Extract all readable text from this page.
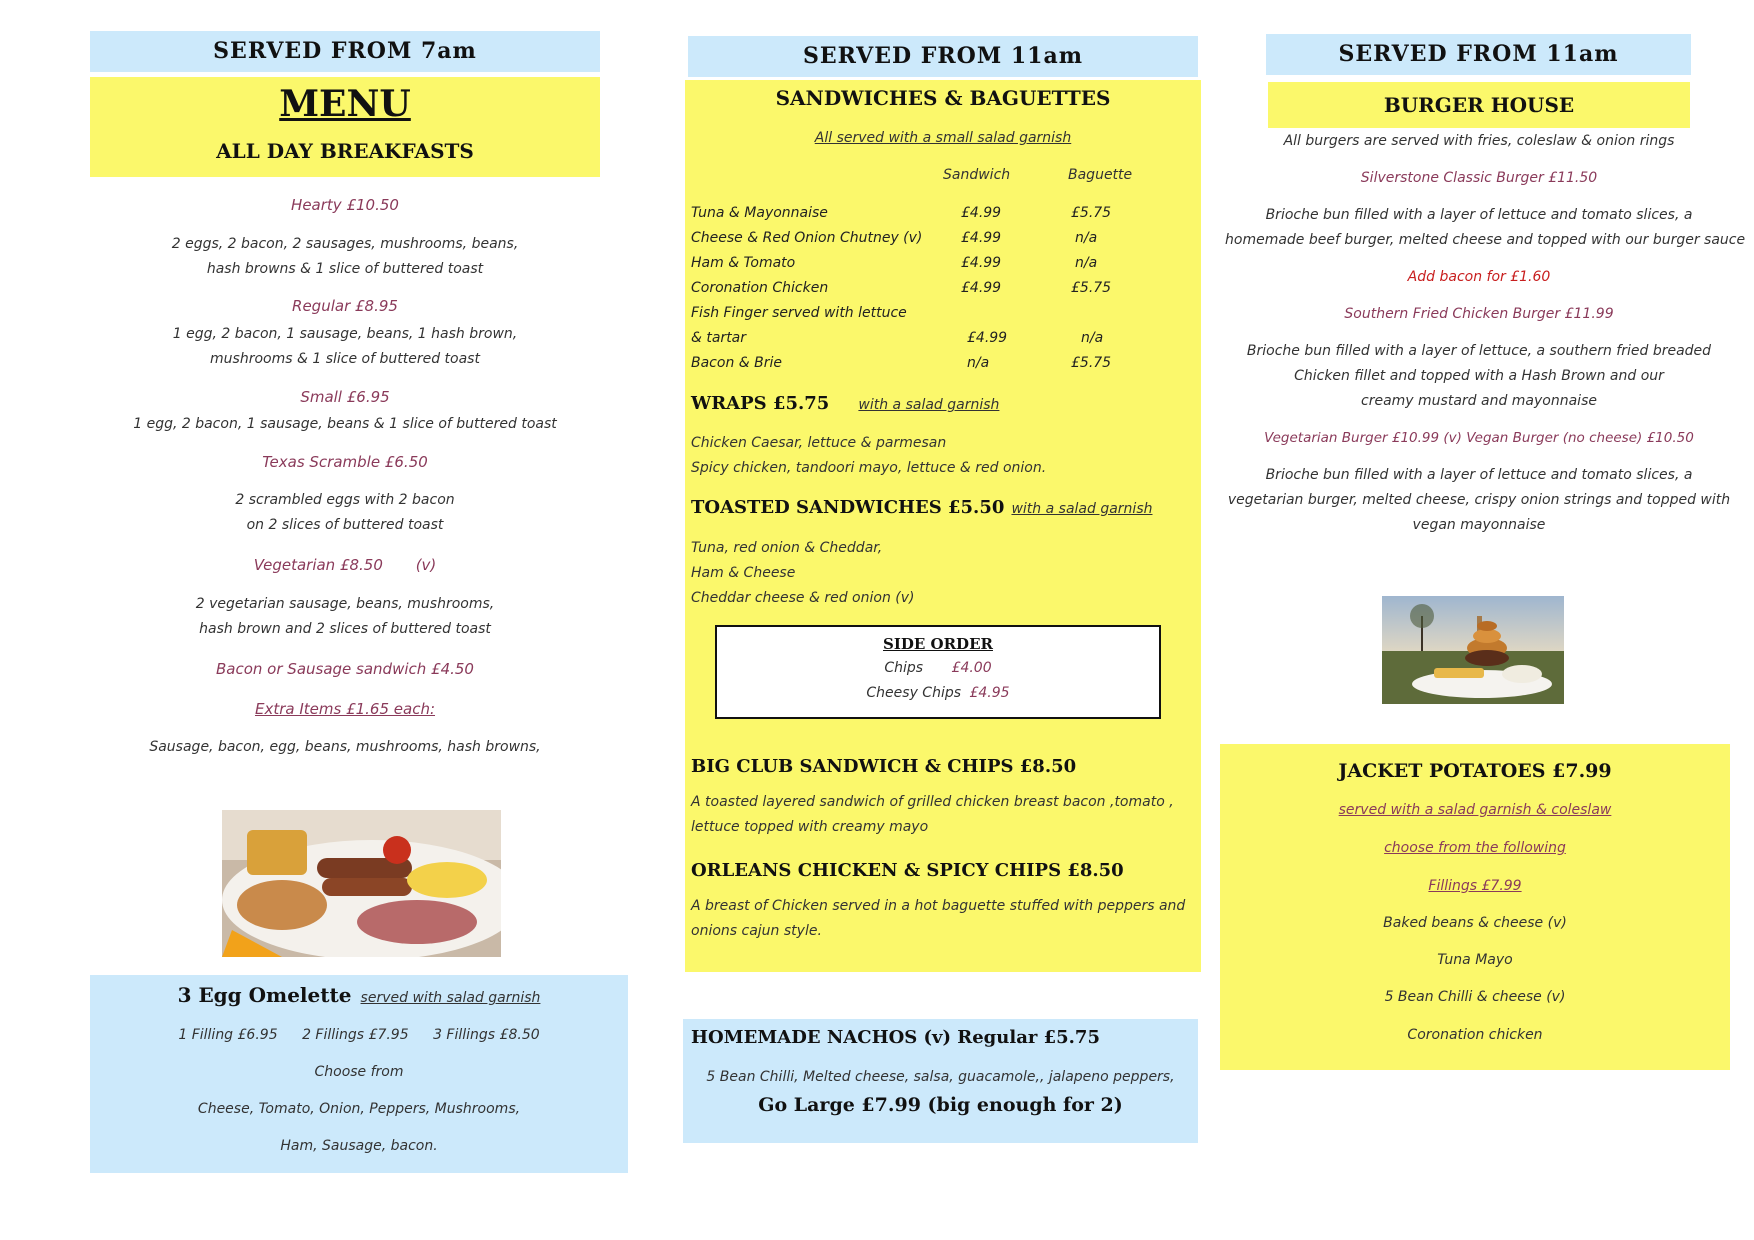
SERVED FROM 7am
MENU
ALL DAY BREAKFASTS
Hearty £10.50
2 eggs, 2 bacon, 2 sausages, mushrooms, beans,
hash browns & 1 slice of buttered toast
Regular £8.95
1 egg, 2 bacon, 1 sausage, beans, 1 hash brown,
mushrooms & 1 slice of buttered toast
Small £6.95
1 egg, 2 bacon, 1 sausage, beans & 1 slice of buttered toast
Texas Scramble £6.50
2 scrambled eggs with 2 bacon
on 2 slices of buttered toast
Vegetarian £8.50 (v)
2 vegetarian sausage, beans, mushrooms,
hash brown and 2 slices of buttered toast
Bacon or Sausage sandwich £4.50
Extra Items £1.65 each:
Sausage, bacon, egg, beans, mushrooms, hash browns,
3 Egg Omelette served with salad garnish
1 Filling £6.95 2 Fillings £7.95 3 Fillings £8.50
Choose from
Cheese, Tomato, Onion, Peppers, Mushrooms,
Ham, Sausage, bacon.
SERVED FROM 11am
SANDWICHES & BAGUETTES
All served with a small salad garnish
Sandwich	Baguette
Tuna & Mayonnaise	£4.99	£5.75
Cheese & Red Onion Chutney (v)	£4.99	n/a
Ham & Tomato	£4.99	n/a
Coronation Chicken	£4.99	£5.75
Fish Finger served with lettuce		
& tartar	£4.99	n/a
Bacon & Brie	n/a	£5.75
WRAPS £5.75 with a salad garnish
Chicken Caesar, lettuce & parmesan
Spicy chicken, tandoori mayo, lettuce & red onion.
TOASTED SANDWICHES £5.50 with a salad garnish
Tuna, red onion & Cheddar,
Ham & Cheese
Cheddar cheese & red onion (v)
SIDE ORDER
Chips £4.00
Cheesy Chips £4.95
BIG CLUB SANDWICH & CHIPS £8.50
A toasted layered sandwich of grilled chicken breast bacon ,tomato ,
lettuce topped with creamy mayo
ORLEANS CHICKEN & SPICY CHIPS £8.50
A breast of Chicken served in a hot baguette stuffed with peppers and
onions cajun style.
HOMEMADE NACHOS (v) Regular £5.75
5 Bean Chilli, Melted cheese, salsa, guacamole,, jalapeno peppers,
Go Large £7.99 (big enough for 2)
SERVED FROM 11am
BURGER HOUSE
All burgers are served with fries, coleslaw & onion rings
Silverstone Classic Burger £11.50
Brioche bun filled with a layer of lettuce and tomato slices, a
homemade beef burger, melted cheese and topped with our burger sauce
Add bacon for £1.60
Southern Fried Chicken Burger £11.99
Brioche bun filled with a layer of lettuce, a southern fried breaded
Chicken fillet and topped with a Hash Brown and our
creamy mustard and mayonnaise
Vegetarian Burger £10.99 (v) Vegan Burger (no cheese) £10.50
Brioche bun filled with a layer of lettuce and tomato slices, a
vegetarian burger, melted cheese, crispy onion strings and topped with
vegan mayonnaise
JACKET POTATOES £7.99
served with a salad garnish & coleslaw
choose from the following
Fillings £7.99
Baked beans & cheese (v)
Tuna Mayo
5 Bean Chilli & cheese (v)
Coronation chicken
